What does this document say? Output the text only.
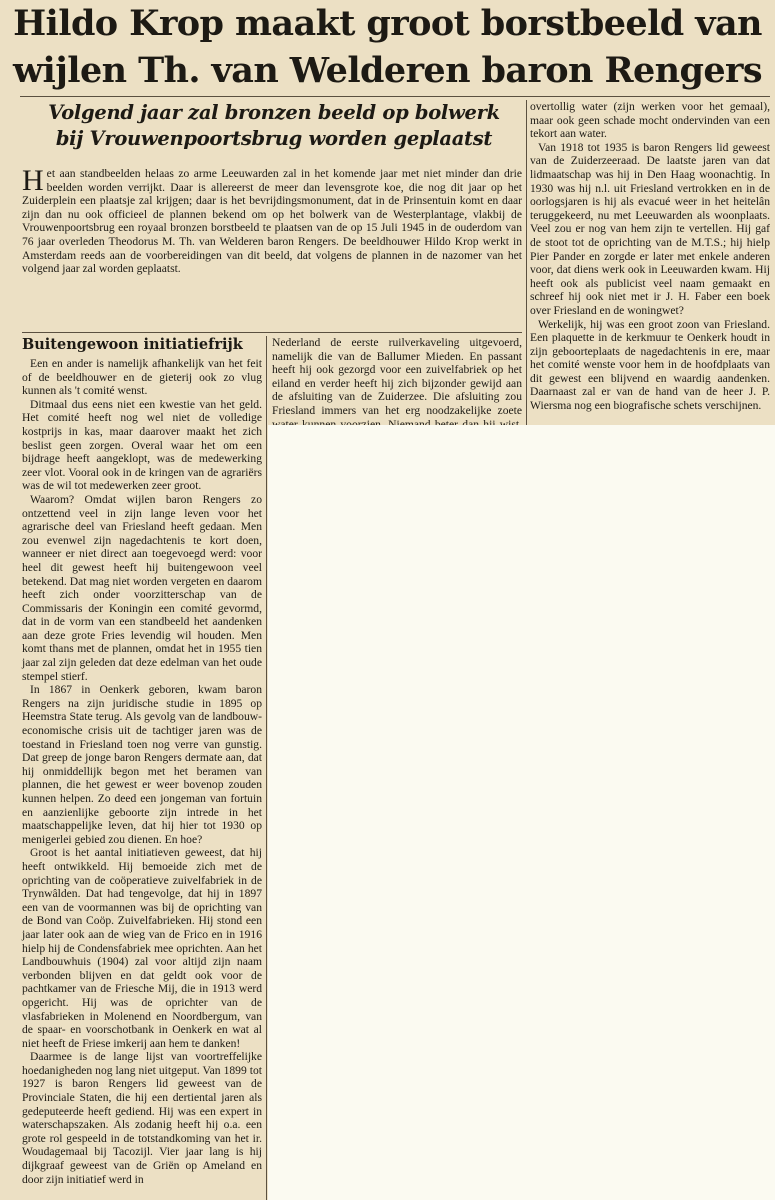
Hildo Krop maakt groot borstbeeld van
wijlen Th. van Welderen baron Rengers
Volgend jaar zal bronzen beeld op bolwerk
bij Vrouwenpoortsbrug worden geplaatst

Het aan standbeelden helaas zo arme Leeuwarden zal in het komende jaar met niet minder dan drie beelden worden verrijkt. Daar is allereerst de meer dan levensgrote koe, die nog dit jaar op het Zuiderplein een plaatsje zal krijgen; daar is het bevrijdingsmonument, dat in de Prinsentuin komt en daar zijn dan nu ook officieel de plannen bekend om op het bolwerk van de Westerplantage, vlakbij de Vrouwenpoortsbrug een royaal bronzen borstbeeld te plaatsen van de op 15 Juli 1945 in de ouderdom van 76 jaar overleden Theodorus M. Th. van Welderen baron Rengers. De beeldhouwer Hildo Krop werkt in Amsterdam reeds aan de voorbereidingen van dit beeld, dat volgens de plannen in de nazomer van het volgend jaar zal worden geplaatst.

Buitengewoon initiatiefrijk

Een en ander is namelijk afhankelijk van het feit of de beeldhouwer en de gieterij ook zo vlug kunnen als 't comité wenst.

Ditmaal dus eens niet een kwestie van het geld. Het comité heeft nog wel niet de volledige kostprijs in kas, maar daarover maakt het zich beslist geen zorgen. Overal waar het om een bijdrage heeft aangeklopt, was de medewerking zeer vlot. Vooral ook in de kringen van de agrariërs was de wil tot medewerken zeer groot.

Waarom? Omdat wijlen baron Rengers zo ontzettend veel in zijn lange leven voor het agrarische deel van Friesland heeft gedaan. Men zou evenwel zijn nagedachtenis te kort doen, wanneer er niet direct aan toegevoegd werd: voor heel dit gewest heeft hij buitengewoon veel betekend. Dat mag niet worden vergeten en daarom heeft zich onder voorzitterschap van de Commissaris der Koningin een comité gevormd, dat in de vorm van een standbeeld het aandenken aan deze grote Fries levendig wil houden. Men komt thans met de plannen, omdat het in 1955 tien jaar zal zijn geleden dat deze edelman van het oude stempel stierf.

In 1867 in Oenkerk geboren, kwam baron Rengers na zijn juridische studie in 1895 op Heemstra State terug. Als gevolg van de landbouw-economische crisis uit de tachtiger jaren was de toestand in Friesland toen nog verre van gunstig. Dat greep de jonge baron Rengers dermate aan, dat hij onmiddellijk begon met het beramen van plannen, die het gewest er weer bovenop zouden kunnen helpen. Zo deed een jongeman van fortuin en aanzienlijke geboorte zijn intrede in het maatschappelijke leven, dat hij hier tot 1930 op menigerlei gebied zou dienen. En hoe?

Groot is het aantal initiatieven geweest, dat hij heeft ontwikkeld. Hij bemoeide zich met de oprichting van de coöperatieve zuivelfabriek in de Trynwâlden. Dat had tengevolge, dat hij in 1897 een van de voormannen was bij de oprichting van de Bond van Coöp. Zuivelfabrieken. Hij stond een jaar later ook aan de wieg van de Frico en in 1916 hielp hij de Condensfabriek mee oprichten. Aan het Landbouwhuis (1904) zal voor altijd zijn naam verbonden blijven en dat geldt ook voor de pachtkamer van de Friesche Mij, die in 1913 werd opgericht. Hij was de oprichter van de vlasfabrieken in Molenend en Noordbergum, van de spaar- en voorschotbank in Oenkerk en wat al niet heeft de Friese imkerij aan hem te danken!

Daarmee is de lange lijst van voortreffelijke hoedanigheden nog lang niet uitgeput. Van 1899 tot 1927 is baron Rengers lid geweest van de Provinciale Staten, die hij een dertiental jaren als gedeputeerde heeft gediend. Hij was een expert in waterschapszaken. Als zodanig heeft hij o.a. een grote rol gespeeld in de totstandkoming van het ir. Woudagemaal bij Tacozijl. Vier jaar lang is hij dijkgraaf geweest van de Griën op Ameland en door zijn initiatief werd in

Nederland de eerste ruilverkaveling uitgevoerd, namelijk die van de Ballumer Mieden. En passant heeft hij ook gezorgd voor een zuivelfabriek op het eiland en verder heeft hij zich bijzonder gewijd aan de afsluiting van de Zuiderzee. Die afsluiting zou Friesland immers van het erg noodzakelijke zoete

overtollig water (zijn werken voor het gemaal), maar ook geen schade mocht ondervinden van een tekort aan water.

Van 1918 tot 1935 is baron Rengers lid geweest van de Zuiderzeeraad. De laatste jaren van dat lidmaatschap was hij in Den Haag woonachtig. In 1930 was hij n.l. uit Friesland vertrokken en in de oorlogsjaren is hij als evacué weer in het heitelân teruggekeerd, nu met Leeuwarden als woonplaats. Veel zou er nog van hem zijn te vertellen. Hij gaf de stoot tot de oprichting van de M.T.S.; hij hielp Pier Pander en zorgde er later met enkele anderen voor, dat diens werk ook in Leeuwarden kwam. Hij heeft ook als publicist veel naam gemaakt en schreef hij ook niet met ir J. H. Faber een boek over Friesland en de woningwet?

Werkelijk, hij was een groot zoon van Friesland. Een plaquette in de kerkmuur te Oenkerk houdt in zijn geboorteplaats de nagedachtenis in ere, maar het comité wenste voor hem in de hoofdplaats van dit gewest een blijvend en waardig aandenken. Daarnaast zal er van de hand van de heer J. P. Wiersma nog een biografische schets verschijnen.
